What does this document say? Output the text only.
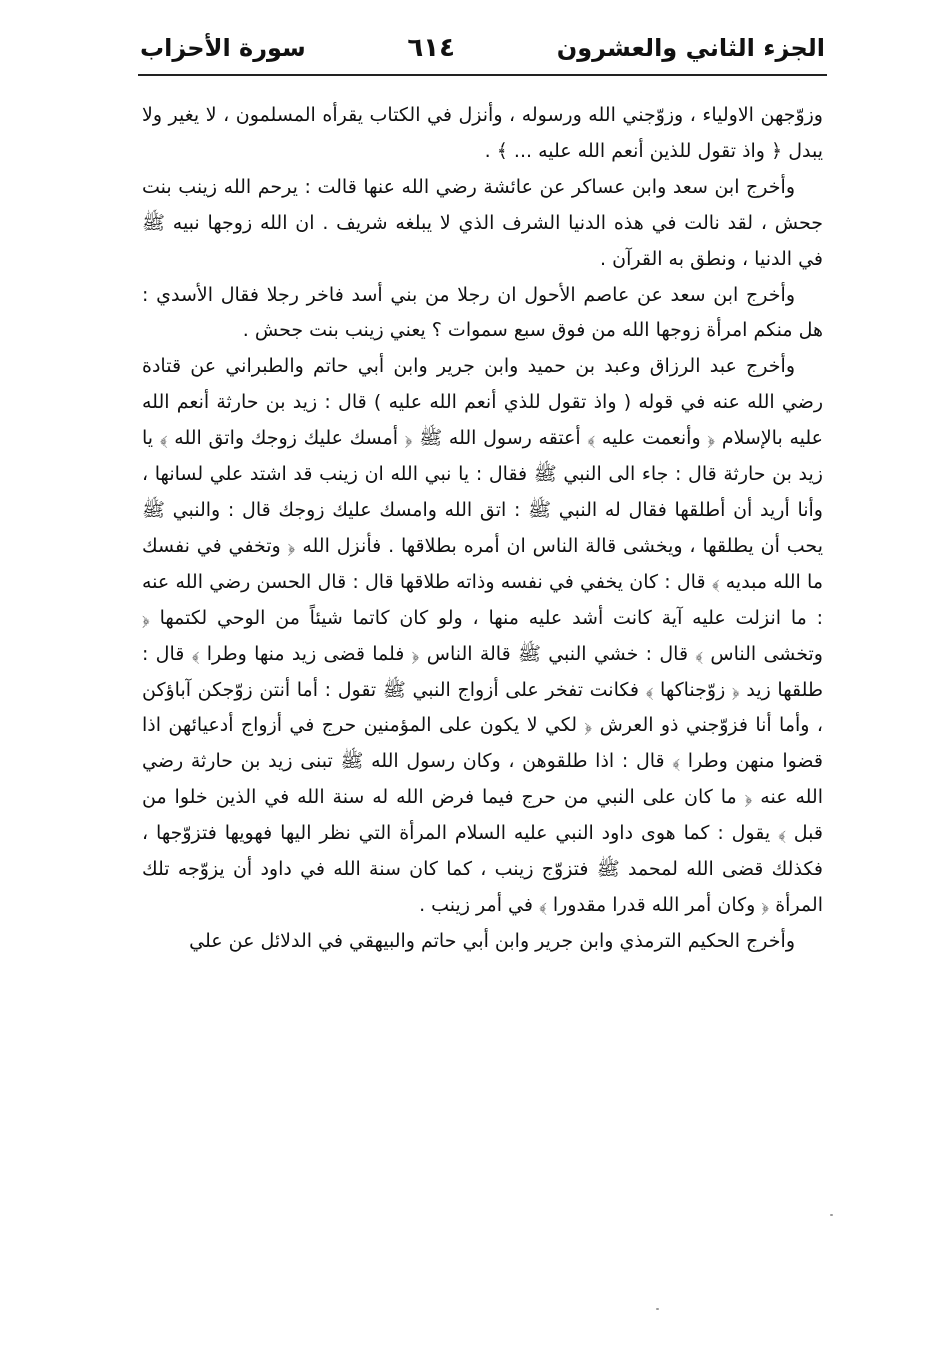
الجزء الثاني والعشرون
٦١٤
سورة الأحزاب

وزوّجهن الاولياء ، وزوّجني الله ورسوله ، وأنزل في الكتاب يقرأه المسلمون ، لا يغير ولا يبدل ﴿ واذ تقول للذين أنعم الله عليه ... ﴾ .

وأخرج ابن سعد وابن عساكر عن عائشة رضي الله عنها قالت : يرحم الله زينب بنت جحش ، لقد نالت في هذه الدنيا الشرف الذي لا يبلغه شريف . ان الله زوجها نبيه ﷺ في الدنيا ، ونطق به القرآن .

وأخرج ابن سعد عن عاصم الأحول ان رجلا من بني أسد فاخر رجلا فقال الأسدي : هل منكم امرأة زوجها الله من فوق سبع سموات ؟ يعني زينب بنت جحش .

وأخرج عبد الرزاق وعبد بن حميد وابن جرير وابن أبي حاتم والطبراني عن قتادة رضي الله عنه في قوله ( واذ تقول للذي أنعم الله عليه ) قال : زيد بن حارثة أنعم الله عليه بالإسلام ﴿ وأنعمت عليه ﴾ أعتقه رسول الله ﷺ ﴿ أمسك عليك زوجك واتق الله ﴾ يا زيد بن حارثة قال : جاء الى النبي ﷺ فقال : يا نبي الله ان زينب قد اشتد علي لسانها ، وأنا أريد أن أطلقها فقال له النبي ﷺ : اتق الله وامسك عليك زوجك قال : والنبي ﷺ يحب أن يطلقها ، ويخشى قالة الناس ان أمره بطلاقها . فأنزل الله ﴿ وتخفي في نفسك ما الله مبديه ﴾ قال : كان يخفي في نفسه وذاته طلاقها قال : قال الحسن رضي الله عنه : ما انزلت عليه آية كانت أشد عليه منها ، ولو كان كاتما شيئاً من الوحي لكتمها ﴿ وتخشى الناس ﴾ قال : خشي النبي ﷺ قالة الناس ﴿ فلما قضى زيد منها وطرا ﴾ قال : طلقها زيد ﴿ زوّجناكها ﴾ فكانت تفخر على أزواج النبي ﷺ تقول : أما أنتن زوّجكن آباؤكن ، وأما أنا فزوّجني ذو العرش ﴿ لكي لا يكون على المؤمنين حرج في أزواج أدعيائهن اذا قضوا منهن وطرا ﴾ قال : اذا طلقوهن ، وكان رسول الله ﷺ تبنى زيد بن حارثة رضي الله عنه ﴿ ما كان على النبي من حرج فيما فرض الله له سنة الله في الذين خلوا من قبل ﴾ يقول : كما هوى داود النبي عليه السلام المرأة التي نظر اليها فهويها فتزوّجها ، فكذلك قضى الله لمحمد ﷺ فتزوّج زينب ، كما كان سنة الله في داود أن يزوّجه تلك المرأة ﴿ وكان أمر الله قدرا مقدورا ﴾ في أمر زينب .

وأخرج الحكيم الترمذي وابن جرير وابن أبي حاتم والبيهقي في الدلائل عن علي
